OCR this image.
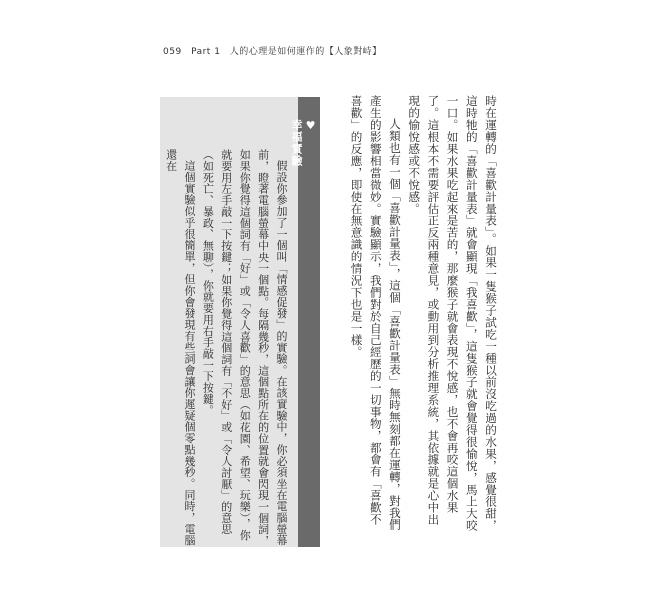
059 Part 1 人的心理是如何運作的【人象對峙】

時在運轉的「喜歡計量表」。如果一隻猴子試吃一種以前沒吃過的水果，感覺很甜，這時牠的「喜歡計量表」就會顯現「我喜歡」，這隻猴子就會覺得很愉悅，馬上大咬一口。如果水果吃起來是苦的，那麼猴子就會表現不悅感，也不會再咬這個水果了。這根本不需要評估正反兩種意見，或動用到分析推理系統，其依據就是心中出現的愉悅感或不悅感。

人類也有一個「喜歡計量表」，這個「喜歡計量表」無時無刻都在運轉，對我們產生的影響相當微妙。實驗顯示，我們對於自己經歷的一切事物，都會有「喜歡不喜歡」的反應，即使在無意識的情況下也是一樣。

♥
幸福實驗

假設你參加了一個叫「情感促發」的實驗。在該實驗中，你必須坐在電腦螢幕前，瞪著電腦螢幕中央一個點。每隔幾秒，這個點所在的位置就會閃現一個詞，如果你覺得這個詞有「好」或「令人喜歡」的意思（如花園、希望、玩樂），你就要用左手敲一下按鍵；如果你覺得這個詞有「不好」或「令人討厭」的意思（如死亡、暴政、無聊），你就要用右手敲一下按鍵。

這個實驗似乎很簡單，但你會發現有些詞會讓你遲疑個零點幾秒。同時，電腦還在
